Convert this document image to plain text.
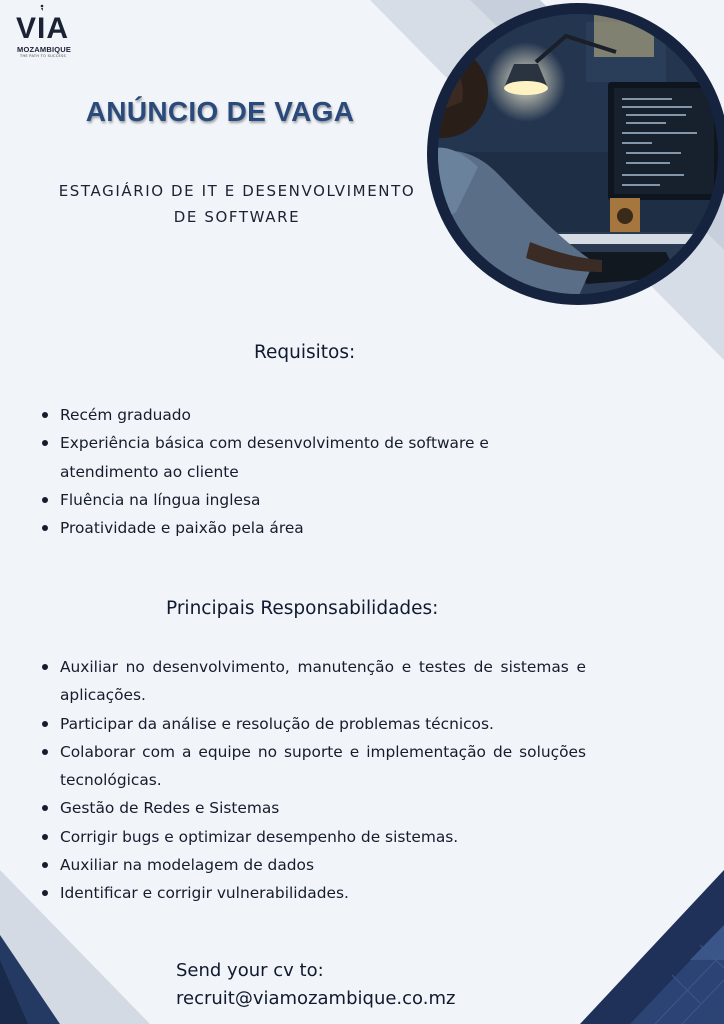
VIA
MOZAMBIQUE
THE PATH TO SUCCESS
ANÚNCIO DE VAGA

ESTAGIÁRIO DE IT E DESENVOLVIMENTO
DE SOFTWARE

Requisitos:
Recém graduado
Experiência básica com desenvolvimento de software e atendimento ao cliente
Fluência na língua inglesa
Proatividade e paixão pela área
Principais Responsabilidades:
Auxiliar no desenvolvimento, manutenção e testes de sistemas e aplicações.
Participar da análise e resolução de problemas técnicos.
Colaborar com a equipe no suporte e implementação de soluções tecnológicas.
Gestão de Redes e Sistemas
Corrigir bugs e optimizar desempenho de sistemas.
Auxiliar na modelagem de dados
Identificar e corrigir vulnerabilidades.

Send your cv to:
recruit@viamozambique.co.mz
